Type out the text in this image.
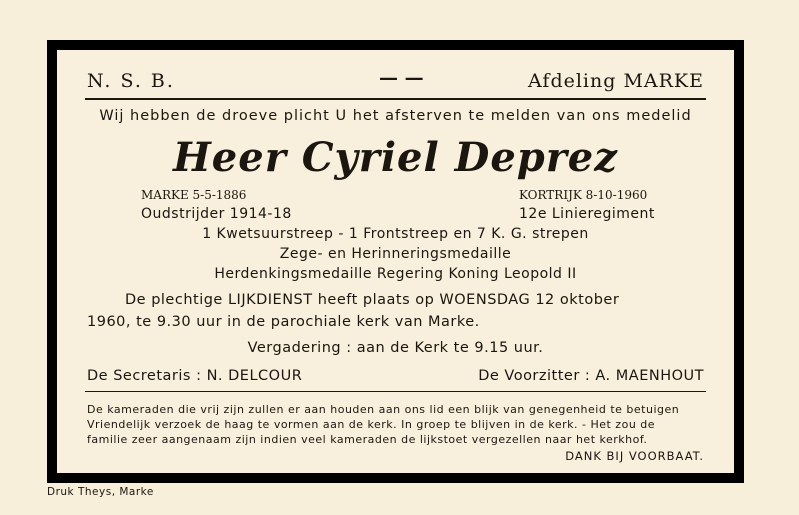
N. S. B.	— —	Afdeling MARKE
Wij hebben de droeve plicht U het afsterven te melden van ons medelid
Heer Cyriel Deprez
MARKE 5-5-1886	KORTRIJK 8-10-1960
Oudstrijder 1914-18	12e Linieregiment
1 Kwetsuurstreep - 1 Frontstreep en 7 K. G. strepen
Zege- en Herinneringsmedaille
Herdenkingsmedaille Regering Koning Leopold II
De plechtige LIJKDIENST heeft plaats op WOENSDAG 12 oktober
1960, te 9.30 uur in de parochiale kerk van Marke.
Vergadering : aan de Kerk te 9.15 uur.
De Secretaris : N. DELCOUR	De Voorzitter : A. MAENHOUT
De kameraden die vrij zijn zullen er aan houden aan ons lid een blijk van genegenheid te betuigen
Vriendelijk verzoek de haag te vormen aan de kerk. In groep te blijven in de kerk. - Het zou de
familie zeer aangenaam zijn indien veel kameraden de lijkstoet vergezellen naar het kerkhof.
DANK BIJ VOORBAAT.
Druk Theys, Marke
